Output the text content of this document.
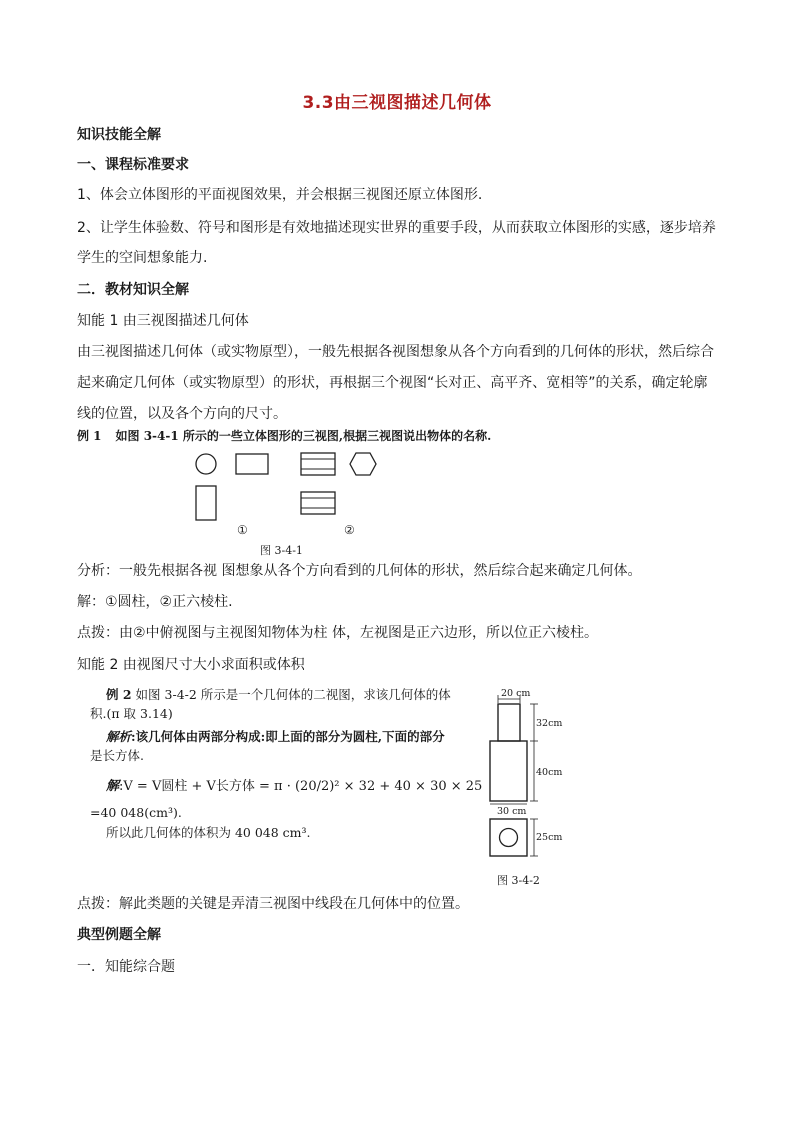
3.3由三视图描述几何体
知识技能全解
一、课程标准要求
1、体会立体图形的平面视图效果，并会根据三视图还原立体图形.
2、让学生体验数、符号和图形是有效地描述现实世界的重要手段，从而获取立体图形的实感，逐步培养
学生的空间想象能力.
二．教材知识全解
知能 1 由三视图描述几何体
由三视图描述几何体（或实物原型），一般先根据各视图想象从各个方向看到的几何体的形状，然后综合
起来确定几何体（或实物原型）的形状，再根据三个视图“长对正、高平齐、宽相等”的关系，确定轮廓
线的位置，以及各个方向的尺寸。
例 1 如图 3-4-1 所示的一些立体图形的三视图,根据三视图说出物体的名称.
①	②
图 3-4-1
分析：一般先根据各视 图想象从各个方向看到的几何体的形状，然后综合起来确定几何体。
解：①圆柱，②正六棱柱.
点拨：由②中俯视图与主视图知物体为柱 体，左视图是正六边形，所以位正六棱柱。
知能 2 由视图尺寸大小求面积或体积
例 2 如图 3-4-2 所示是一个几何体的二视图，求该几何体的体
积.(π 取 3.14)
解析:该几何体由两部分构成:即上面的部分为圆柱,下面的部分
是长方体.
解:V = V圆柱 + V长方体 = π · (20/2)² × 32 + 40 × 30 × 25
=40 048(cm³).
所以此几何体的体积为 40 048 cm³.
20 cm
32cm
40cm
30 cm
25cm
图 3-4-2
点拨：解此类题的关键是弄清三视图中线段在几何体中的位置。
典型例题全解
一．知能综合题
